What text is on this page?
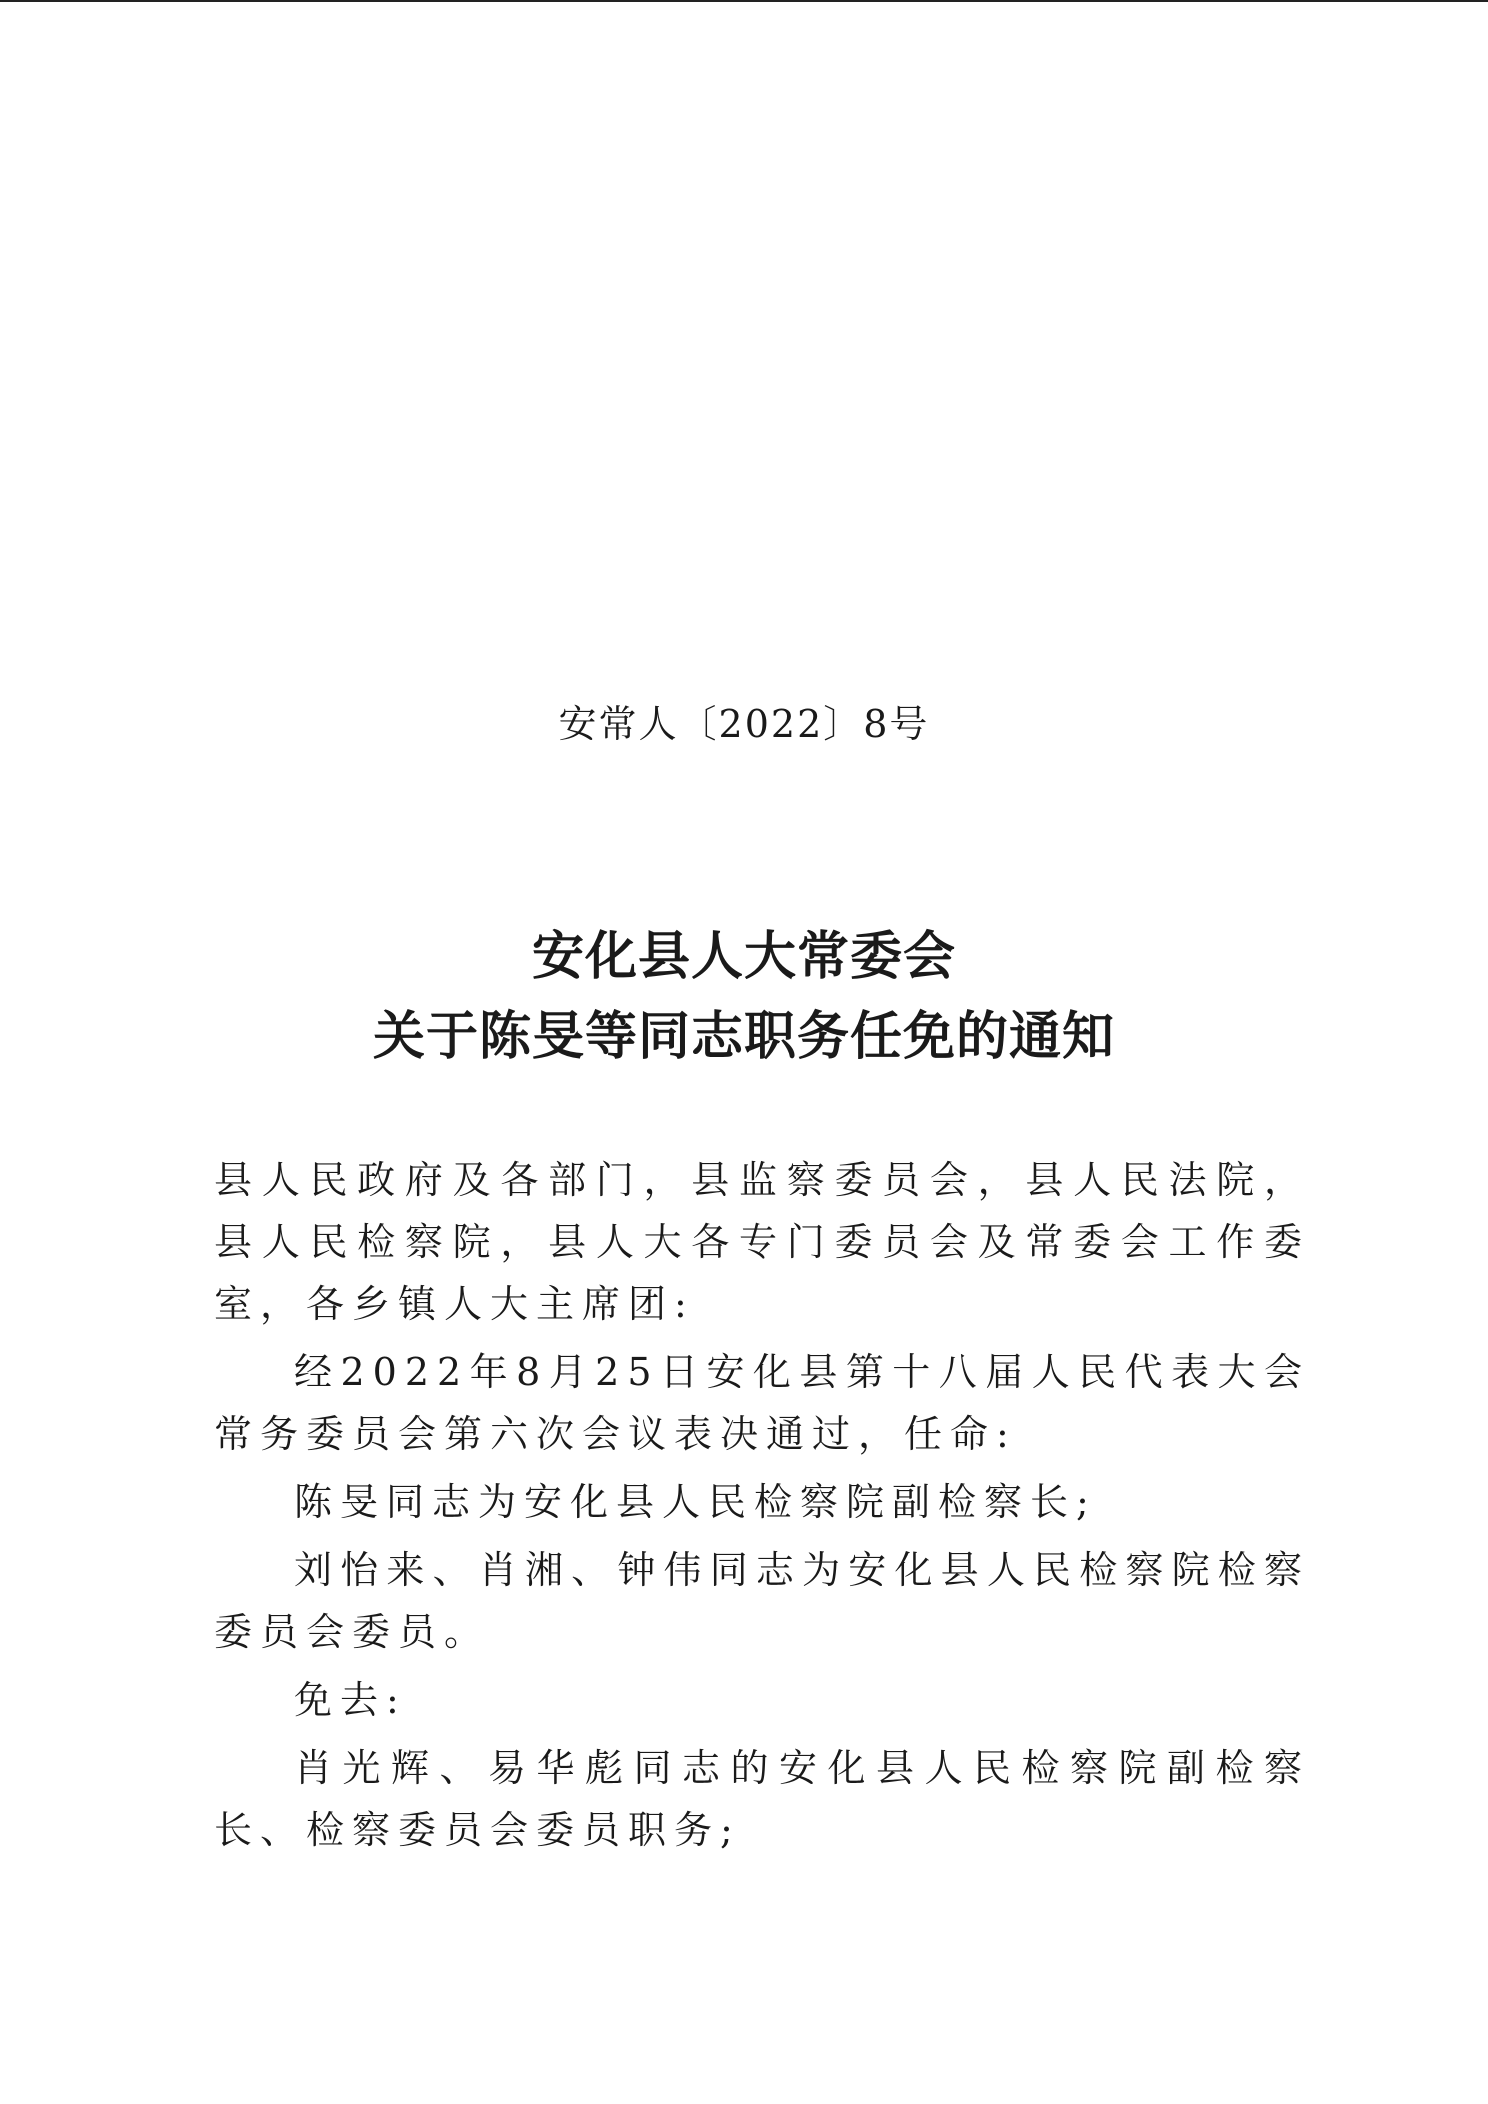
安常人〔2022〕8号
安化县人大常委会
关于陈旻等同志职务任免的通知

县人民政府及各部门，县监察委员会，县人民法院，县人民检察院，县人大各专门委员会及常委会工作委室，各乡镇人大主席团:

经2022年8月25日安化县第十八届人民代表大会常务委员会第六次会议表决通过，任命:

陈旻同志为安化县人民检察院副检察长;

刘怡来、肖湘、钟伟同志为安化县人民检察院检察委员会委员。

免去:

肖光辉、易华彪同志的安化县人民检察院副检察长、检察委员会委员职务;
